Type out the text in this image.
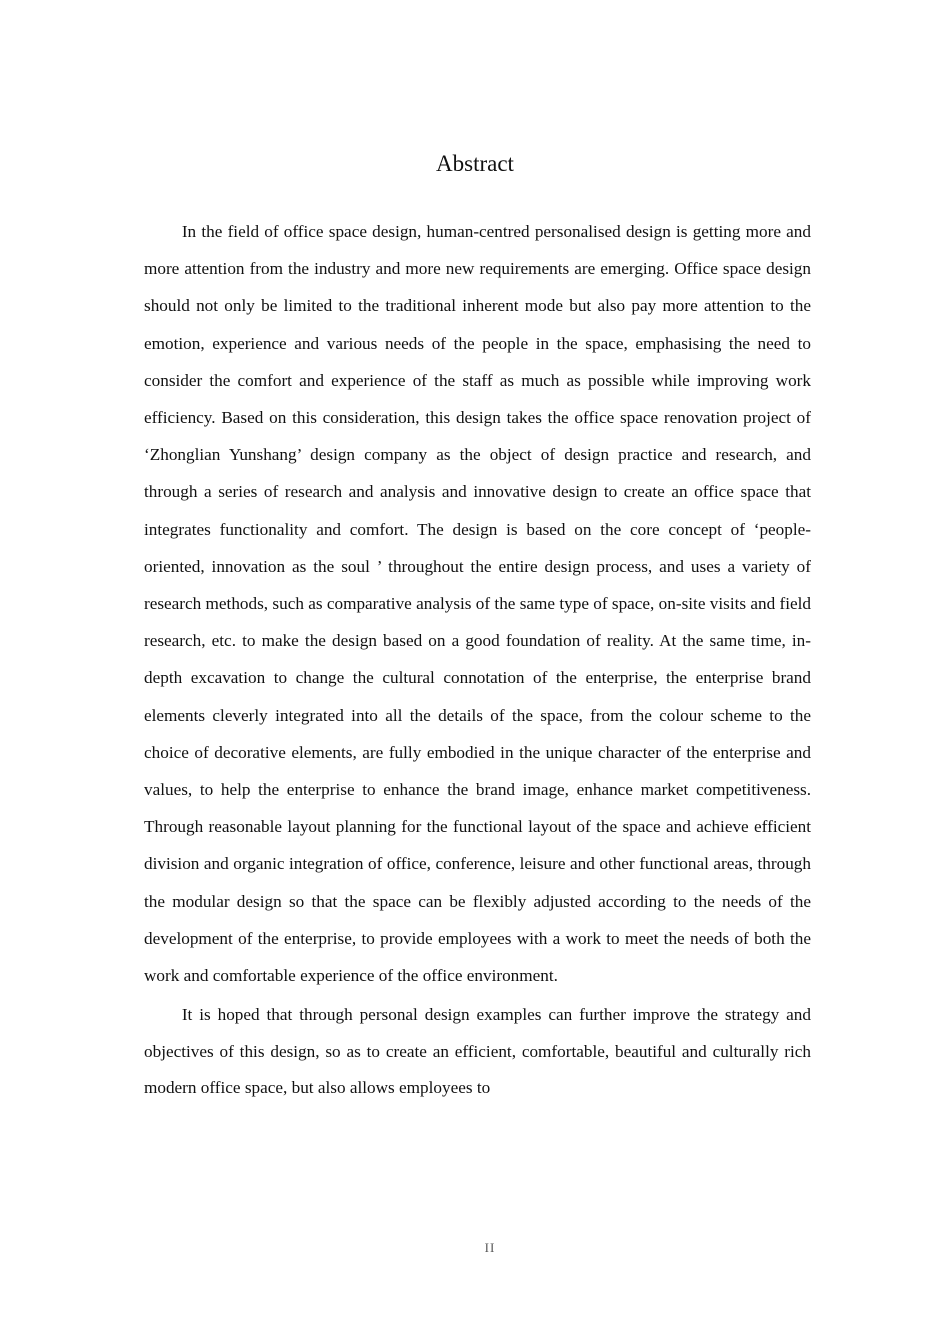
Abstract

In the field of office space design, human-centred personalised design is getting more and more attention from the industry and more new requirements are emerging. Office space design should not only be limited to the traditional inherent mode but also pay more attention to the emotion, experience and various needs of the people in the space, emphasising the need to consider the comfort and experience of the staff as much as possible while improving work efficiency. Based on this consideration, this design takes the office space renovation project of ‘Zhonglian Yunshang’ design company as the object of design practice and research, and through a series of research and analysis and innovative design to create an office space that integrates functionality and comfort. The design is based on the core concept of ‘people-oriented, innovation as the soul ’ throughout the entire design process, and uses a variety of research methods, such as comparative analysis of the same type of space, on-site visits and field research, etc. to make the design based on a good foundation of reality. At the same time, in-depth excavation to change the cultural connotation of the enterprise, the enterprise brand elements cleverly integrated into all the details of the space, from the colour scheme to the choice of decorative elements, are fully embodied in the unique character of the enterprise and values, to help the enterprise to enhance the brand image, enhance market competitiveness. Through reasonable layout planning for the functional layout of the space and achieve efficient division and organic integration of office, conference, leisure and other functional areas, through the modular design so that the space can be flexibly adjusted according to the needs of the development of the enterprise, to provide employees with a work to meet the needs of both the work and comfortable experience of the office environment.

It is hoped that through personal design examples can further improve the strategy and objectives of this design, so as to create an efficient, comfortable, beautiful and culturally rich modern office space, but also allows employees to

II
